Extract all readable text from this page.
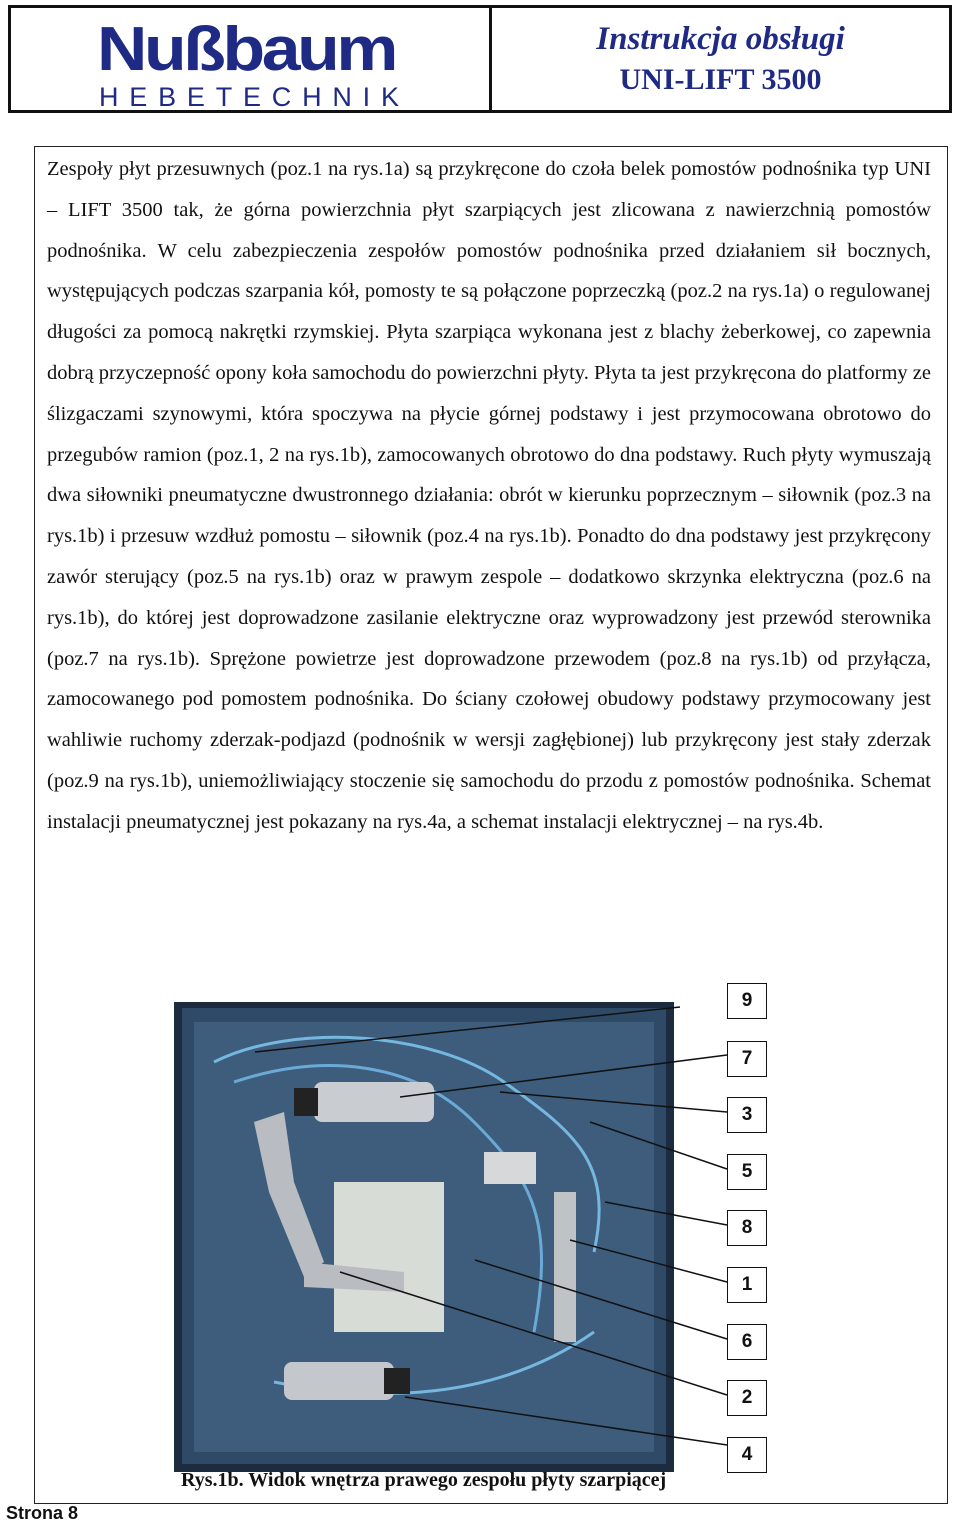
Nußbaum
HEBETECHNIK
Instrukcja obsługi
UNI-LIFT 3500

Zespoły płyt przesuwnych (poz.1 na rys.1a) są przykręcone do czoła belek pomostów podnośnika typ UNI – LIFT 3500 tak, że górna powierzchnia płyt szarpiących jest zlicowana z nawierzchnią pomostów podnośnika. W celu zabezpieczenia zespołów pomostów podnośnika przed działaniem sił bocznych, występujących podczas szarpania kół, pomosty te są połączone poprzeczką (poz.2 na rys.1a) o regulowanej długości za pomocą nakrętki rzymskiej. Płyta szarpiąca wykonana jest z blachy żeberkowej, co zapewnia dobrą przyczepność opony koła samochodu do powierzchni płyty. Płyta ta jest przykręcona do platformy ze ślizgaczami szynowymi, która spoczywa na płycie górnej podstawy i jest przymocowana obrotowo do przegubów ramion (poz.1, 2 na rys.1b), zamocowanych obrotowo do dna podstawy. Ruch płyty wymuszają dwa siłowniki pneumatyczne dwustronnego działania: obrót w kierunku poprzecznym – siłownik (poz.3 na rys.1b) i przesuw wzdłuż pomostu – siłownik (poz.4 na rys.1b). Ponadto do dna podstawy jest przykręcony zawór sterujący (poz.5 na rys.1b) oraz w prawym zespole – dodatkowo skrzynka elektryczna (poz.6 na rys.1b), do której jest doprowadzone zasilanie elektryczne oraz wyprowadzony jest przewód sterownika (poz.7 na rys.1b). Sprężone powietrze jest doprowadzone przewodem (poz.8 na rys.1b) od przyłącza, zamocowanego pod pomostem podnośnika. Do ściany czołowej obudowy podstawy przymocowany jest wahliwie ruchomy zderzak-podjazd (podnośnik w wersji zagłębionej) lub przykręcony jest stały zderzak (poz.9 na rys.1b), uniemożliwiający stoczenie się samochodu do przodu z pomostów podnośnika. Schemat instalacji pneumatycznej jest pokazany na rys.4a, a schemat instalacji elektrycznej – na rys.4b.

9
7
3
5
8
1
6
2
4
Rys.1b. Widok wnętrza prawego zespołu płyty szarpiącej
Strona 8
